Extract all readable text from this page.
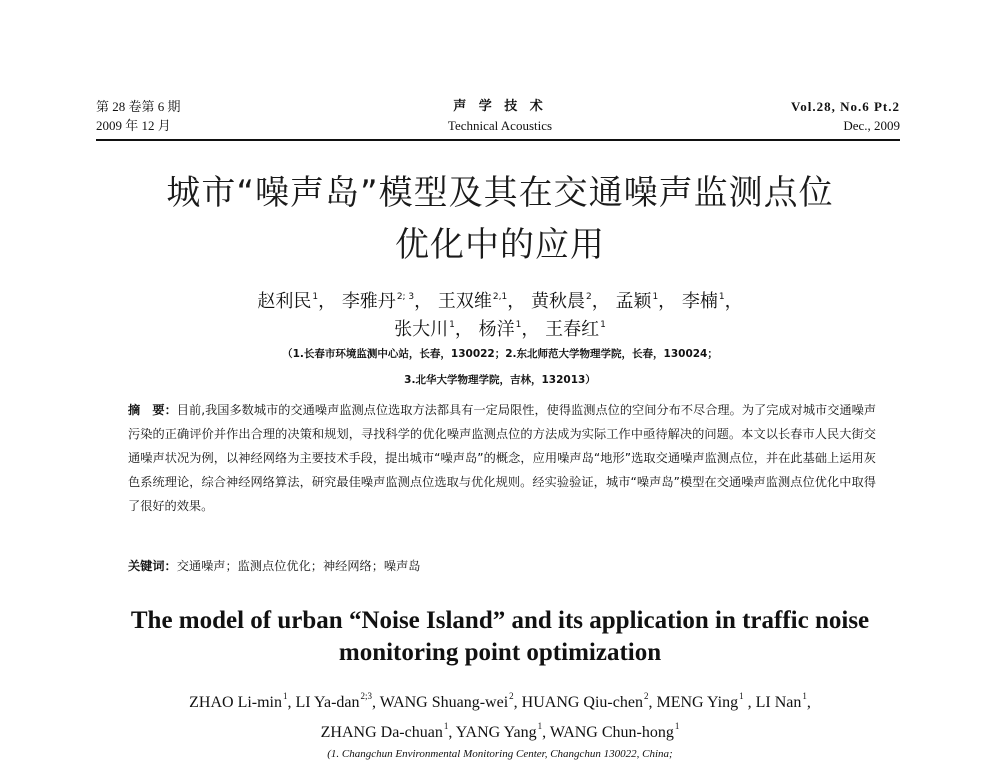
第 28 卷第 6 期
2009 年 12 月
声 学 技 术
Technical Acoustics
Vol.28, No.6 Pt.2
Dec., 2009
城市“噪声岛”模型及其在交通噪声监测点位
优化中的应用
赵利民$^1$， 李雅丹$^{2; 3}$， 王双维$^{2,1}$， 黄秋晨$^2$， 孟颖$^1$， 李楠$^1$，
张大川$^1$， 杨洋$^1$， 王春红$^1$
（1.长春市环境监测中心站，长春，130022；2.东北师范大学物理学院，长春，130024；
3.北华大学物理学院，吉林，132013）
摘　要：目前,我国多数城市的交通噪声监测点位选取方法都具有一定局限性，使得监测点位的空间分布不尽合理。为了完成对城市交通噪声污染的正确评价并作出合理的决策和规划，寻找科学的优化噪声监测点位的方法成为实际工作中亟待解决的问题。本文以长春市人民大街交通噪声状况为例，以神经网络为主要技术手段，提出城市“噪声岛”的概念，应用噪声岛“地形”选取交通噪声监测点位，并在此基础上运用灰色系统理论，综合神经网络算法，研究最佳噪声监测点位选取与优化规则。经实验验证，城市“噪声岛”模型在交通噪声监测点位优化中取得了很好的效果。
关键词：交通噪声；监测点位优化；神经网络；噪声岛
The model of urban “Noise Island” and its application in traffic noise
monitoring point optimization
ZHAO $Li-\min^1$, LI Ya-dan$^{2;3}$, WANG Shuang-wei$^2$, HUANG Qiu-chen$^2$, MENG Ying$^1$ , LI Nan$^1$,
ZHANG Da-chuan$^1$, YANG Yang$^1$, WANG Chun-hong$^1$
(1. Changchun Environmental Monitoring Center, Changchun 130022, China;
